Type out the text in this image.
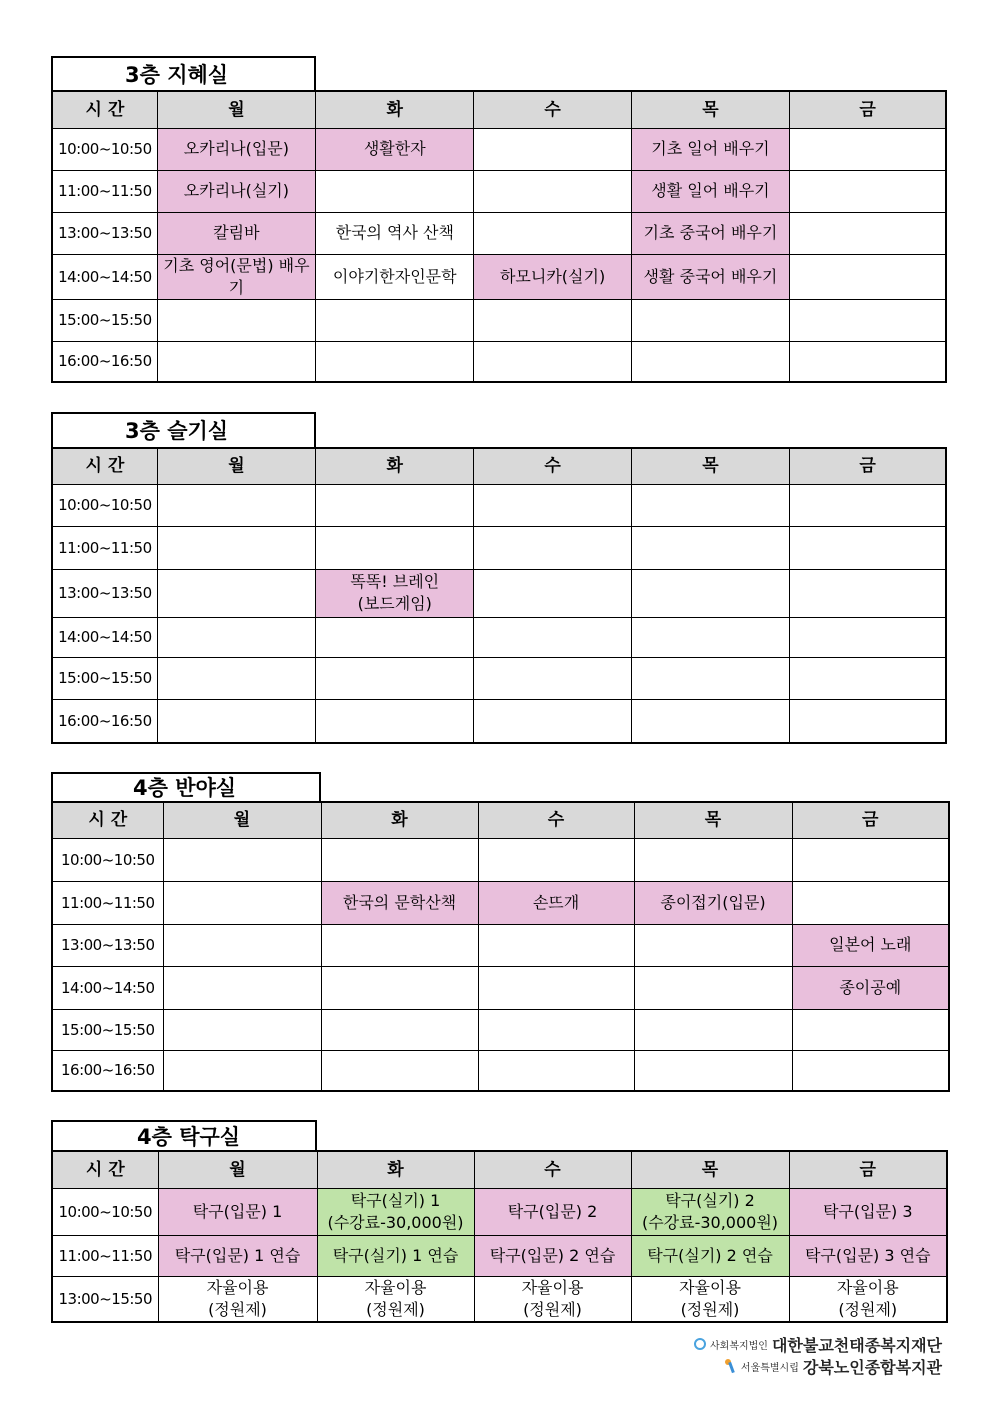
3층 지혜실
시 간	월	화	수	목	금
10:00~10:50	오카리나(입문)	생활한자		기초 일어 배우기	
11:00~11:50	오카리나(실기)			생활 일어 배우기	
13:00~13:50	칼림바	한국의 역사 산책		기초 중국어 배우기	
14:00~14:50	기초 영어(문법) 배우기	이야기한자인문학	하모니카(실기)	생활 중국어 배우기	
15:00~15:50					
16:00~16:50					
3층 슬기실
시 간	월	화	수	목	금
10:00~10:50					
11:00~11:50					
13:00~13:50		똑똑! 브레인
(보드게임)			
14:00~14:50					
15:00~15:50					
16:00~16:50					
4층 반야실
시 간	월	화	수	목	금
10:00~10:50					
11:00~11:50		한국의 문학산책	손뜨개	종이접기(입문)	
13:00~13:50					일본어 노래
14:00~14:50					종이공예
15:00~15:50					
16:00~16:50					
4층 탁구실
시 간	월	화	수	목	금
10:00~10:50	탁구(입문) 1	탁구(실기) 1
(수강료-30,000원)	탁구(입문) 2	탁구(실기) 2
(수강료-30,000원)	탁구(입문) 3
11:00~11:50	탁구(입문) 1 연습	탁구(실기) 1 연습	탁구(입문) 2 연습	탁구(실기) 2 연습	탁구(입문) 3 연습
13:00~15:50	자율이용
(정원제)	자율이용
(정원제)	자율이용
(정원제)	자율이용
(정원제)	자율이용
(정원제)
사회복지법인 대한불교천태종복지재단
서울특별시립 강북노인종합복지관
